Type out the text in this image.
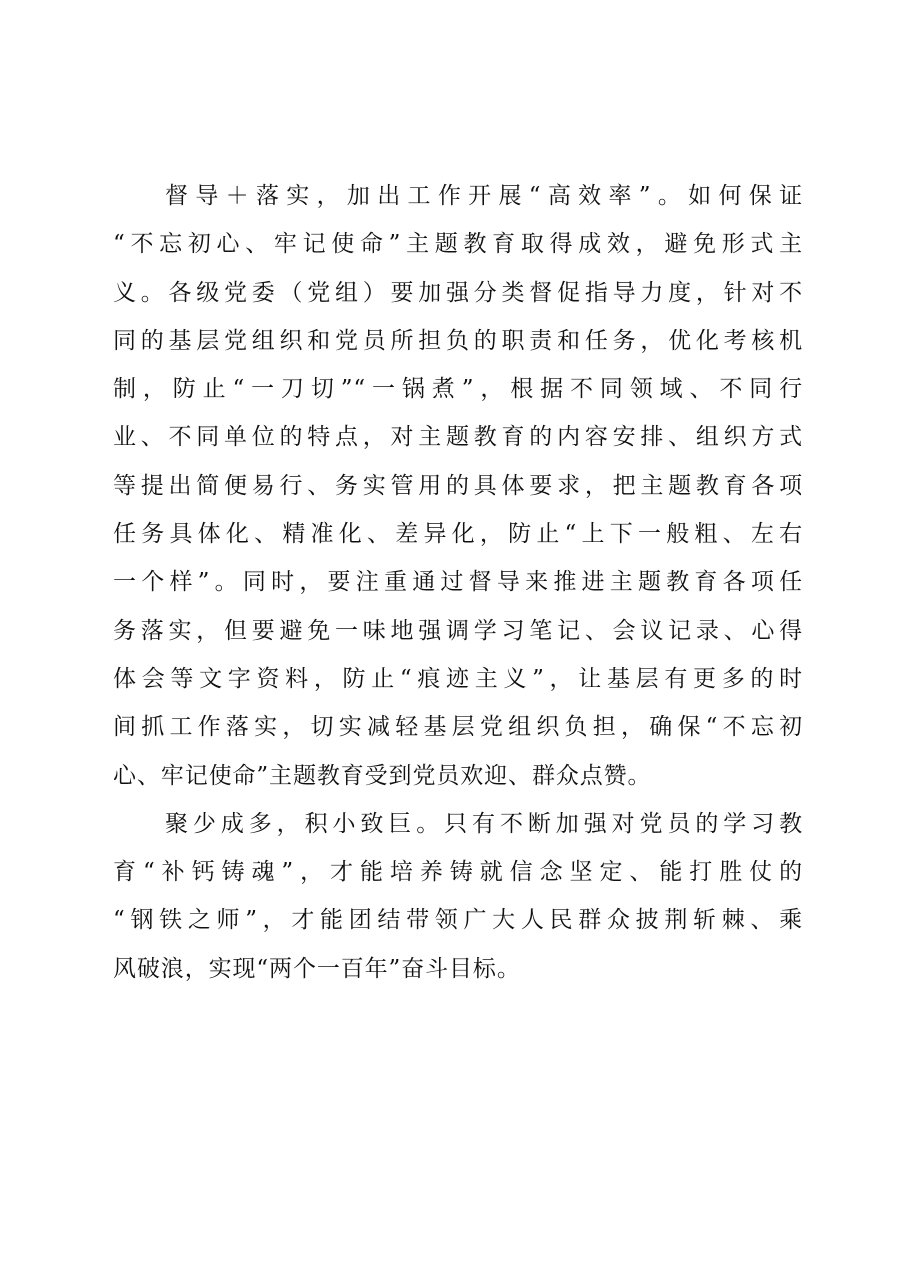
督导＋落实，加出工作开展“高效率”。如何保证
“不忘初心、牢记使命”主题教育取得成效，避免形式主
义。各级党委（党组）要加强分类督促指导力度，针对不
同的基层党组织和党员所担负的职责和任务，优化考核机
制，防止“一刀切”“一锅煮”，根据不同领域、不同行
业、不同单位的特点，对主题教育的内容安排、组织方式
等提出简便易行、务实管用的具体要求，把主题教育各项
任务具体化、精准化、差异化，防止“上下一般粗、左右
一个样”。同时，要注重通过督导来推进主题教育各项任
务落实，但要避免一味地强调学习笔记、会议记录、心得
体会等文字资料，防止“痕迹主义”，让基层有更多的时
间抓工作落实，切实减轻基层党组织负担，确保“不忘初
心、牢记使命”主题教育受到党员欢迎、群众点赞。
聚少成多，积小致巨。只有不断加强对党员的学习教
育“补钙铸魂”，才能培养铸就信念坚定、能打胜仗的
“钢铁之师”，才能团结带领广大人民群众披荆斩棘、乘
风破浪，实现“两个一百年”奋斗目标。
